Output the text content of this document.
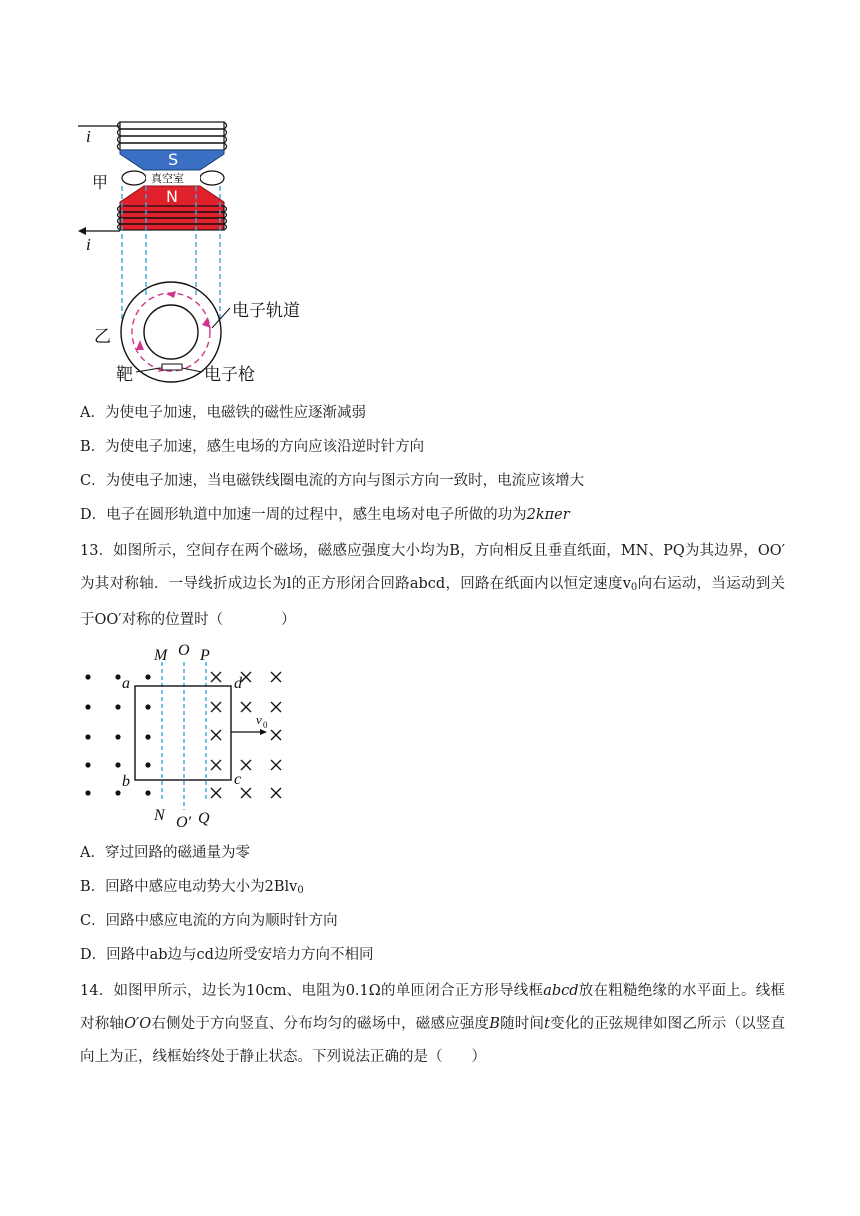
i
S
甲	真空室
N
i
乙
电子轨道
靶	电子枪
A．为使电子加速，电磁铁的磁性应逐渐减弱
B．为使电子加速，感生电场的方向应该沿逆时针方向
C．为使电子加速，当电磁铁线圈电流的方向与图示方向一致时，电流应该增大
D．电子在圆形轨道中加速一周的过程中，感生电场对电子所做的功为2kπer
13．如图所示，空间存在两个磁场，磁感应强度大小均为B，方向相反且垂直纸面，MN、PQ为其边界，OO′为其对称轴．一导线折成边长为l的正方形闭合回路abcd，回路在纸面内以恒定速度$v_0$向右运动，当运动到关于OO′对称的位置时（　　　　）
M O P
a	d
v 0
b	c
N O′ Q
A．穿过回路的磁通量为零
B．回路中感应电动势大小为2Blv$_0$
C．回路中感应电流的方向为顺时针方向
D．回路中ab边与cd边所受安培力方向不相同
14．如图甲所示，边长为10cm、电阻为0.1Ω的单匝闭合正方形导线框abcd放在粗糙绝缘的水平面上。线框对称轴O′O右侧处于方向竖直、分布均匀的磁场中，磁感应强度B随时间t变化的正弦规律如图乙所示（以竖直向上为正，线框始终处于静止状态。下列说法正确的是（　　）
